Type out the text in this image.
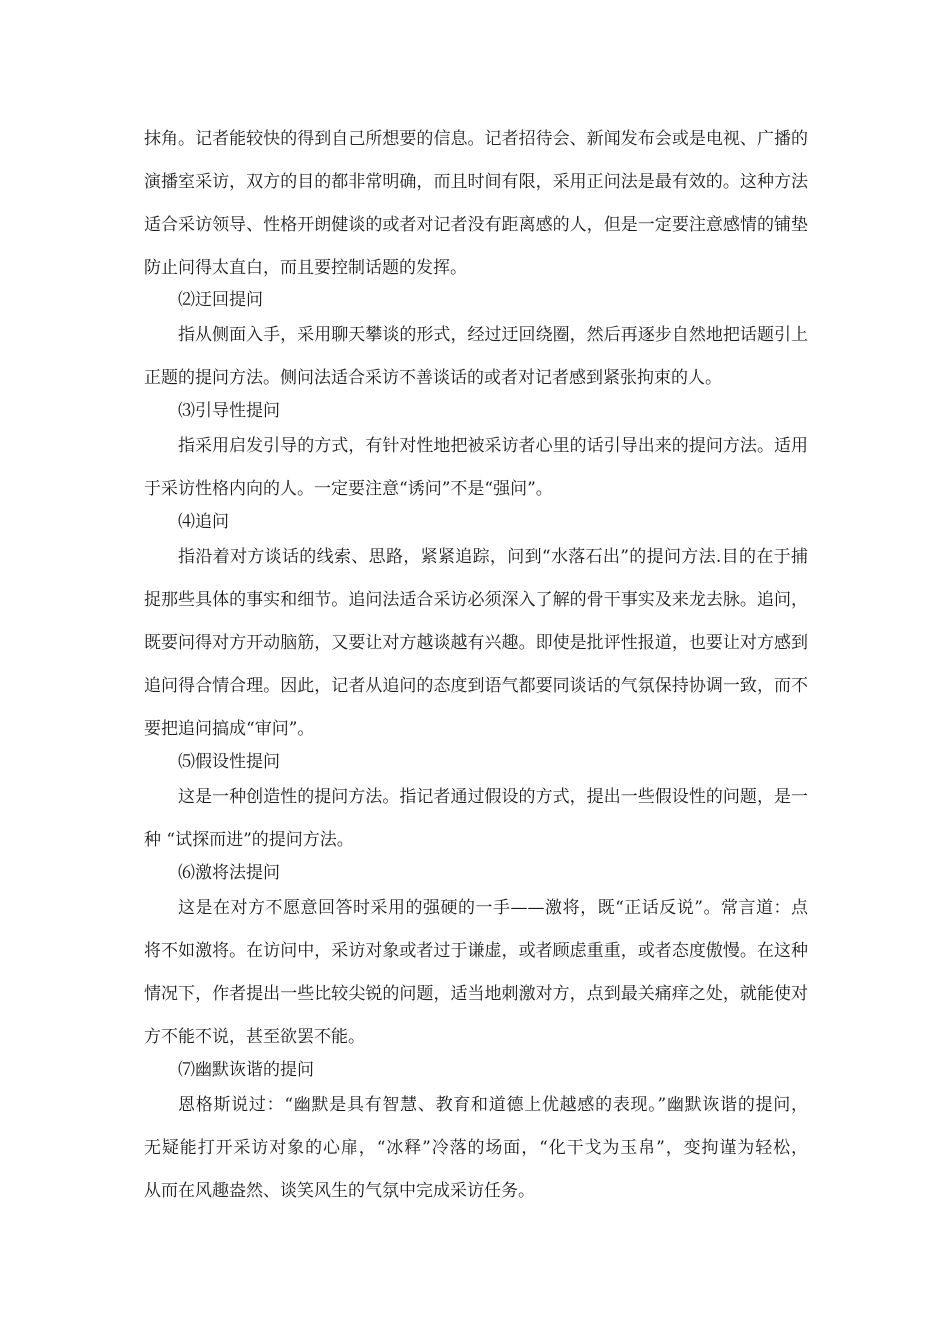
抹角。记者能较快的得到自己所想要的信息。记者招待会、新闻发布会或是电视、广播的
演播室采访，双方的目的都非常明确，而且时间有限，采用正问法是最有效的。这种方法
适合采访领导、性格开朗健谈的或者对记者没有距离感的人，但是一定要注意感情的铺垫
防止问得太直白，而且要控制话题的发挥。
⑵迂回提问
指从侧面入手，采用聊天攀谈的形式，经过迂回绕圈，然后再逐步自然地把话题引上
正题的提问方法。侧问法适合采访不善谈话的或者对记者感到紧张拘束的人。
⑶引导性提问
指采用启发引导的方式，有针对性地把被采访者心里的话引导出来的提问方法。适用
于采访性格内向的人。一定要注意“诱问”不是“强问”。
⑷追问
指沿着对方谈话的线索、思路，紧紧追踪，问到“水落石出”的提问方法.目的在于捕
捉那些具体的事实和细节。追问法适合采访必须深入了解的骨干事实及来龙去脉。追问，
既要问得对方开动脑筋，又要让对方越谈越有兴趣。即使是批评性报道，也要让对方感到
追问得合情合理。因此，记者从追问的态度到语气都要同谈话的气氛保持协调一致，而不
要把追问搞成“审问”。
⑸假设性提问
这是一种创造性的提问方法。指记者通过假设的方式，提出一些假设性的问题，是一
种 “试探而进”的提问方法。
⑹激将法提问
这是在对方不愿意回答时采用的强硬的一手——激将，既“正话反说”。常言道：点
将不如激将。在访问中，采访对象或者过于谦虚，或者顾虑重重，或者态度傲慢。在这种
情况下，作者提出一些比较尖锐的问题，适当地刺激对方，点到最关痛痒之处，就能使对
方不能不说，甚至欲罢不能。
⑺幽默诙谐的提问
恩格斯说过：“幽默是具有智慧、教育和道德上优越感的表现。”幽默诙谐的提问，
无疑能打开采访对象的心扉，“冰释”冷落的场面，“化干戈为玉帛”，变拘谨为轻松，
从而在风趣盎然、谈笑风生的气氛中完成采访任务。
